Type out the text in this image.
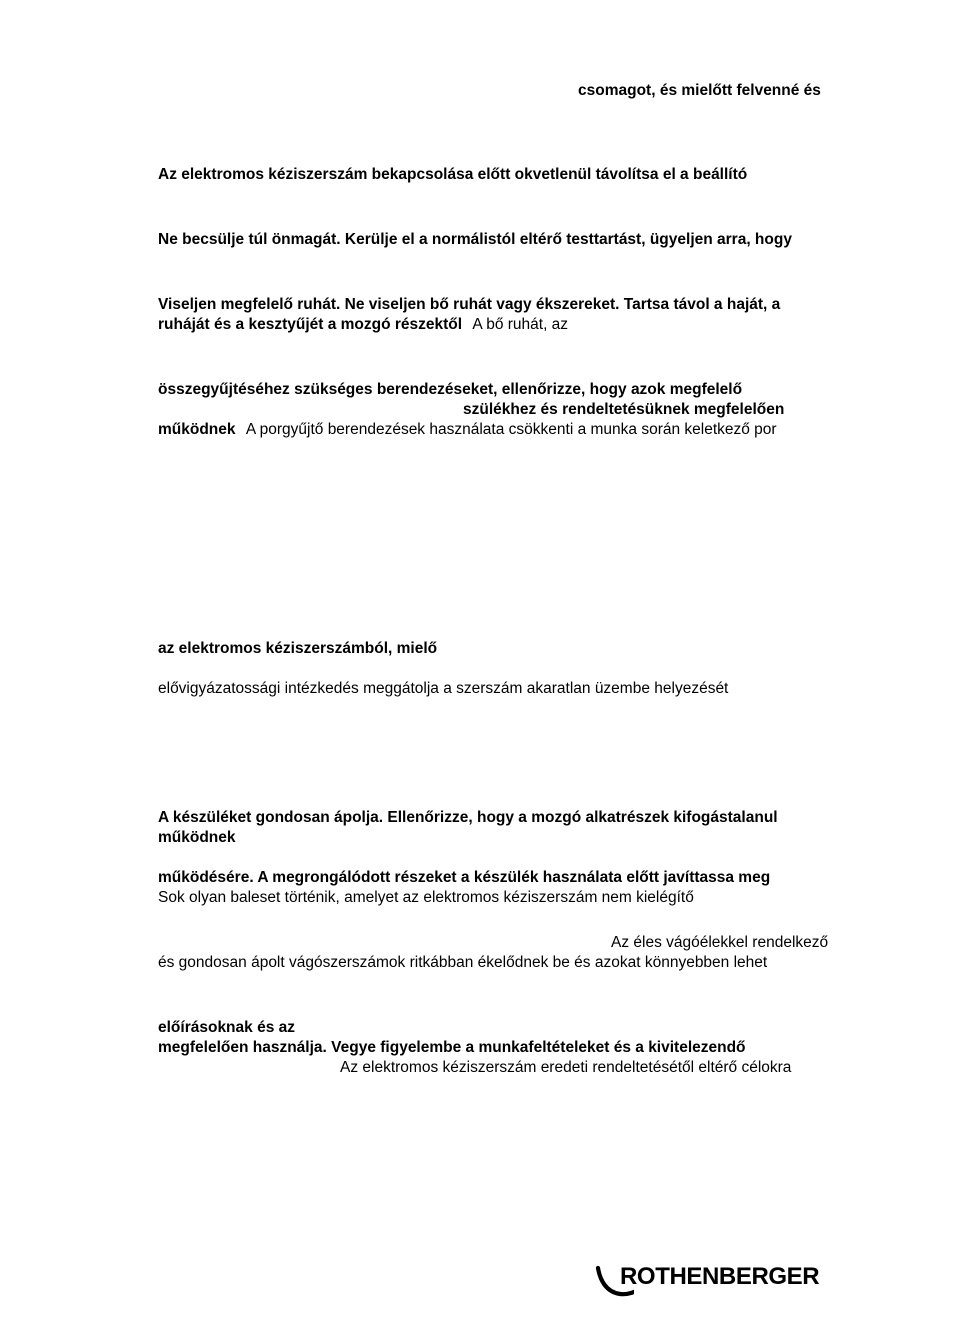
csomagot, és mielőtt felvenné és
Az elektromos kéziszerszám bekapcsolása előtt okvetlenül távolítsa el a beállító
Ne becsülje túl önmagát. Kerülje el a normálistól eltérő testtartást, ügyeljen arra, hogy
Viseljen megfelelő ruhát. Ne viseljen bő ruhát vagy ékszereket. Tartsa távol a haját, a
ruháját és a kesztyűjét a mozgó részektől A bő ruhát, az
összegyűjtéséhez szükséges berendezéseket, ellenőrizze, hogy azok megfelelő
szülékhez és rendeltetésüknek megfelelően
működnek A porgyűjtő berendezések használata csökkenti a munka során keletkező por
az elektromos kéziszerszámból, mielő
elővigyázatossági intézkedés meggátolja a szerszám akaratlan üzembe helyezését
A készüléket gondosan ápolja. Ellenőrizze, hogy a mozgó alkatrészek kifogástalanul
működnek
működésére. A megrongálódott részeket a készülék használata előtt javíttassa meg
Sok olyan baleset történik, amelyet az elektromos kéziszerszám nem kielégítő
Az éles vágóélekkel rendelkező
és gondosan ápolt vágószerszámok ritkábban ékelődnek be és azokat könnyebben lehet
előírásoknak és az
megfelelően használja. Vegye figyelembe a munkafeltételeket és a kivitelezendő
Az elektromos kéziszerszám eredeti rendeltetésétől eltérő célokra
ROTHENBERGER
